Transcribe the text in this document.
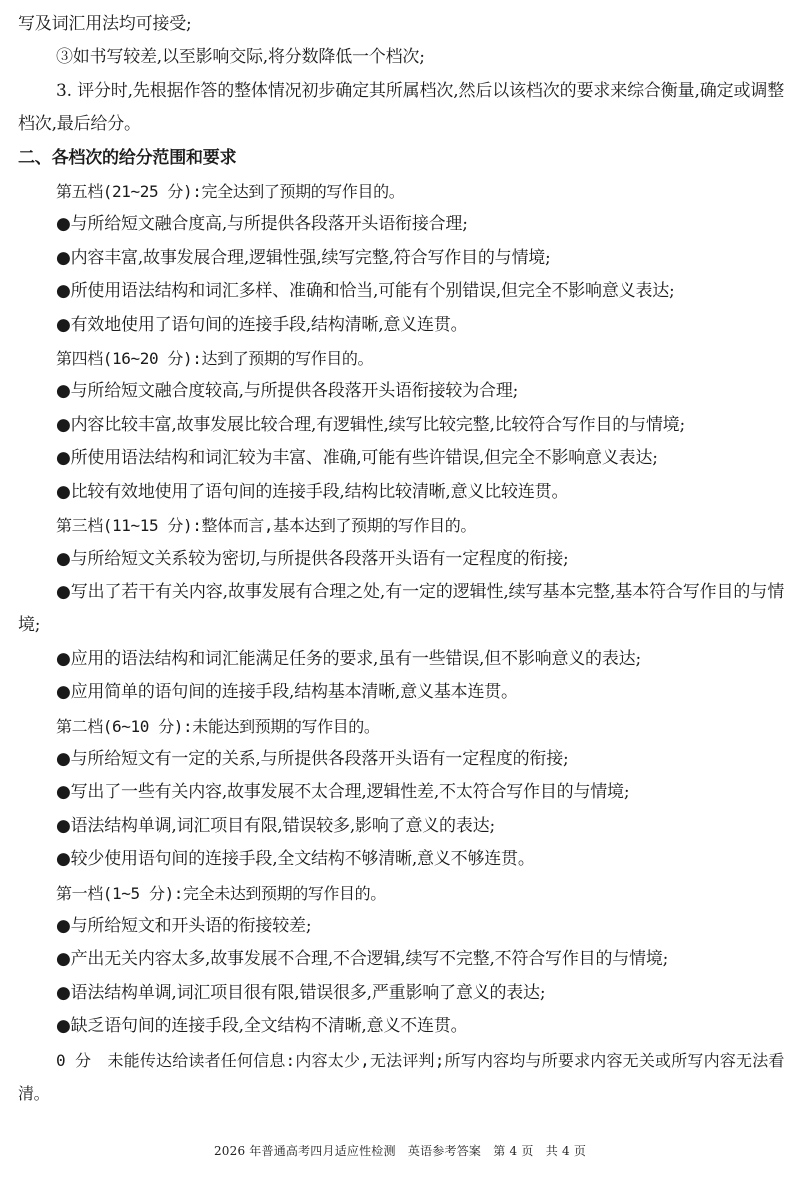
写及词汇用法均可接受;
③如书写较差,以至影响交际,将分数降低一个档次;
3. 评分时,先根据作答的整体情况初步确定其所属档次,然后以该档次的要求来综合衡量,确定或调整档次,最后给分。
二、各档次的给分范围和要求
第五档(21~25 分):完全达到了预期的写作目的。
●与所给短文融合度高,与所提供各段落开头语衔接合理;
●内容丰富,故事发展合理,逻辑性强,续写完整,符合写作目的与情境;
●所使用语法结构和词汇多样、准确和恰当,可能有个别错误,但完全不影响意义表达;
●有效地使用了语句间的连接手段,结构清晰,意义连贯。
第四档(16~20 分):达到了预期的写作目的。
●与所给短文融合度较高,与所提供各段落开头语衔接较为合理;
●内容比较丰富,故事发展比较合理,有逻辑性,续写比较完整,比较符合写作目的与情境;
●所使用语法结构和词汇较为丰富、准确,可能有些许错误,但完全不影响意义表达;
●比较有效地使用了语句间的连接手段,结构比较清晰,意义比较连贯。
第三档(11~15 分):整体而言,基本达到了预期的写作目的。
●与所给短文关系较为密切,与所提供各段落开头语有一定程度的衔接;
●写出了若干有关内容,故事发展有合理之处,有一定的逻辑性,续写基本完整,基本符合写作目的与情境;
●应用的语法结构和词汇能满足任务的要求,虽有一些错误,但不影响意义的表达;
●应用简单的语句间的连接手段,结构基本清晰,意义基本连贯。
第二档(6~10 分):未能达到预期的写作目的。
●与所给短文有一定的关系,与所提供各段落开头语有一定程度的衔接;
●写出了一些有关内容,故事发展不太合理,逻辑性差,不太符合写作目的与情境;
●语法结构单调,词汇项目有限,错误较多,影响了意义的表达;
●较少使用语句间的连接手段,全文结构不够清晰,意义不够连贯。
第一档(1~5 分):完全未达到预期的写作目的。
●与所给短文和开头语的衔接较差;
●产出无关内容太多,故事发展不合理,不合逻辑,续写不完整,不符合写作目的与情境;
●语法结构单调,词汇项目很有限,错误很多,严重影响了意义的表达;
●缺乏语句间的连接手段,全文结构不清晰,意义不连贯。
0 分　未能传达给读者任何信息:内容太少,无法评判;所写内容均与所要求内容无关或所写内容无法看清。
2026 年普通高考四月适应性检测　英语参考答案　第 4 页　共 4 页
